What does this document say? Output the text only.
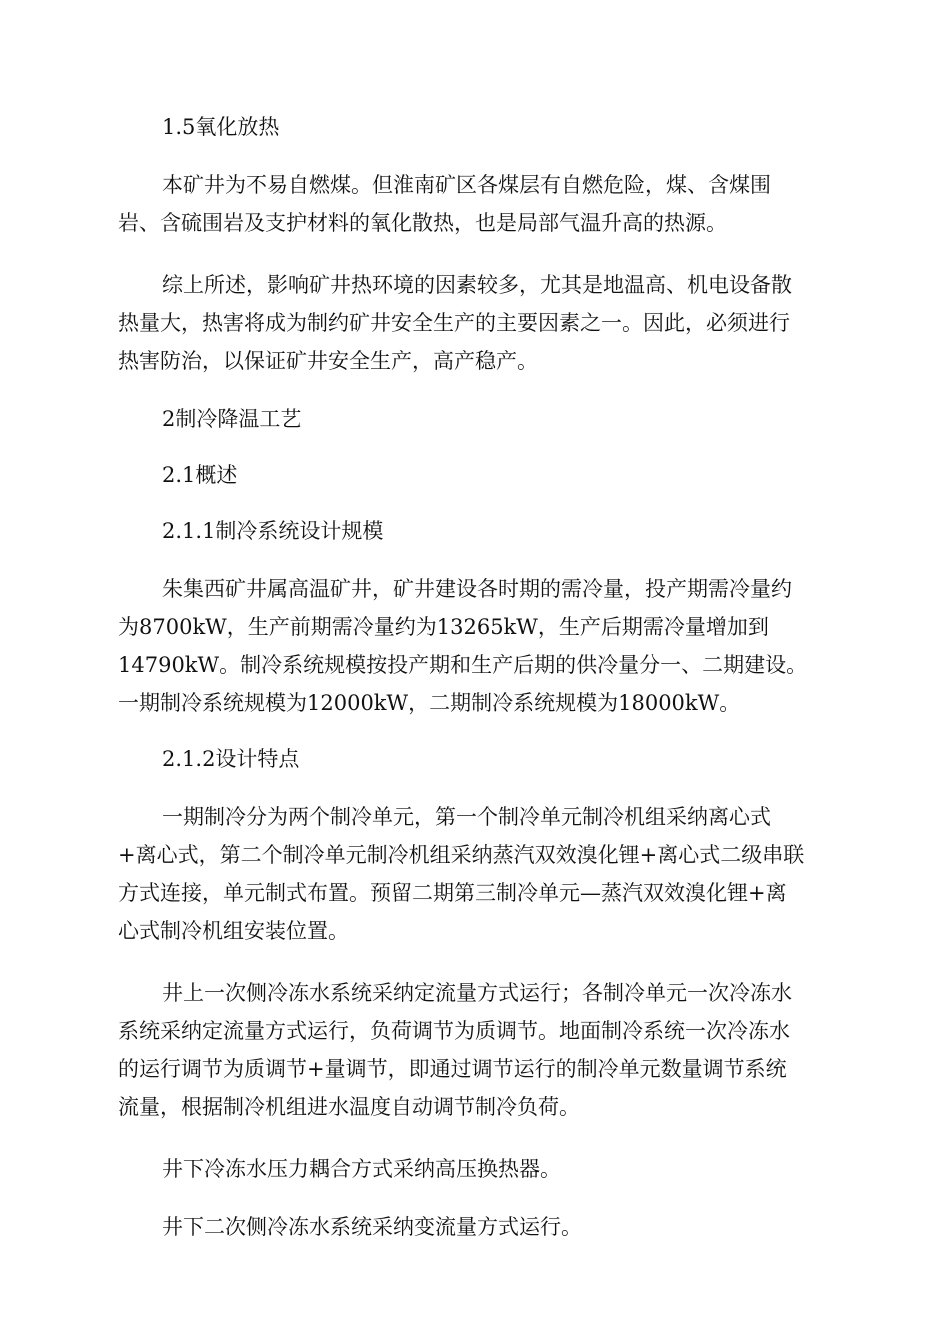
1.5氧化放热

本矿井为不易自燃煤。但淮南矿区各煤层有自燃危险，煤、含煤围
岩、含硫围岩及支护材料的氧化散热，也是局部气温升高的热源。

综上所述，影响矿井热环境的因素较多，尤其是地温高、机电设备散
热量大，热害将成为制约矿井安全生产的主要因素之一。因此，必须进行
热害防治，以保证矿井安全生产，高产稳产。

2制冷降温工艺
2.1概述
2.1.1制冷系统设计规模

朱集西矿井属高温矿井，矿井建设各时期的需冷量，投产期需冷量约
为8700kW，生产前期需冷量约为13265kW，生产后期需冷量增加到
14790kW。制冷系统规模按投产期和生产后期的供冷量分一、二期建设。
一期制冷系统规模为12000kW，二期制冷系统规模为18000kW。

2.1.2设计特点

一期制冷分为两个制冷单元，第一个制冷单元制冷机组采纳离心式
+离心式，第二个制冷单元制冷机组采纳蒸汽双效溴化锂+离心式二级串联
方式连接，单元制式布置。预留二期第三制冷单元—蒸汽双效溴化锂+离
心式制冷机组安装位置。

井上一次侧冷冻水系统采纳定流量方式运行；各制冷单元一次冷冻水
系统采纳定流量方式运行，负荷调节为质调节。地面制冷系统一次冷冻水
的运行调节为质调节+量调节，即通过调节运行的制冷单元数量调节系统
流量，根据制冷机组进水温度自动调节制冷负荷。

井下冷冻水压力耦合方式采纳高压换热器。

井下二次侧冷冻水系统采纳变流量方式运行。
